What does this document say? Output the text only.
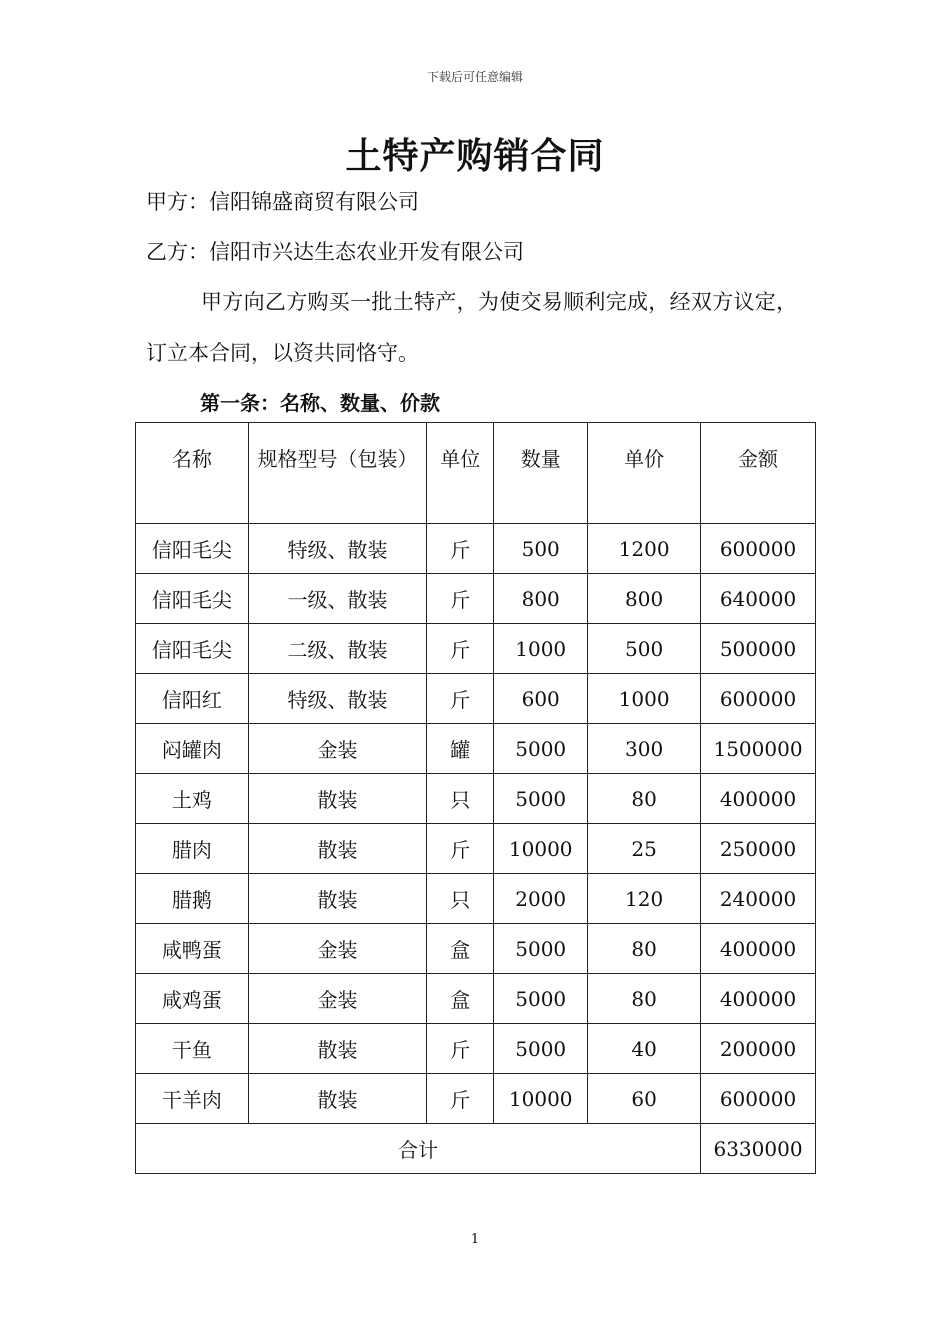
下载后可任意编辑
土特产购销合同
甲方：信阳锦盛商贸有限公司
乙方：信阳市兴达生态农业开发有限公司
甲方向乙方购买一批土特产，为使交易顺利完成，经双方议定，
订立本合同，以资共同恪守。
第一条：名称、数量、价款
名称	规格型号（包装）	单位	数量	单价	金额
信阳毛尖	特级、散装	斤	500	1200	600000
信阳毛尖	一级、散装	斤	800	800	640000
信阳毛尖	二级、散装	斤	1000	500	500000
信阳红	特级、散装	斤	600	1000	600000
闷罐肉	金装	罐	5000	300	1500000
土鸡	散装	只	5000	80	400000
腊肉	散装	斤	10000	25	250000
腊鹅	散装	只	2000	120	240000
咸鸭蛋	金装	盒	5000	80	400000
咸鸡蛋	金装	盒	5000	80	400000
干鱼	散装	斤	5000	40	200000
干羊肉	散装	斤	10000	60	600000
合计					6330000
1
